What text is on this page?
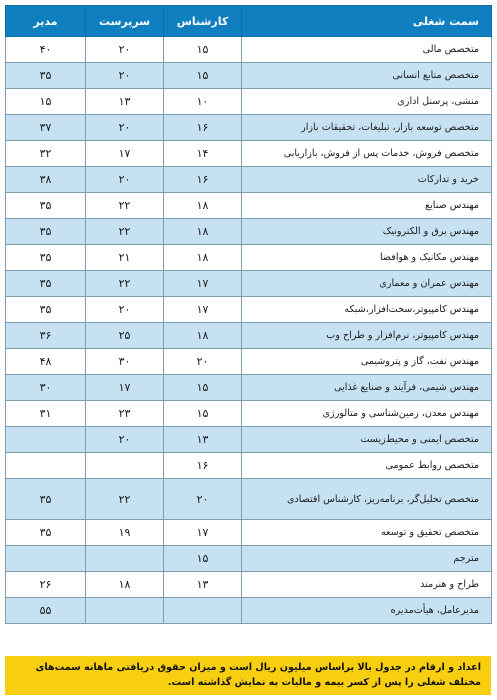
سمت شغلی	کارشناس	سرپرست	مدیر
متخصص مالی	۱۵	۲۰	۴۰
متخصص منابع انسانی	۱۵	۲۰	۳۵
منشی، پرسنل اداری	۱۰	۱۳	۱۵
متخصص توسعه بازار، تبلیغات، تحقیقات بازار	۱۶	۲۰	۳۷
متخصص فروش، خدمات پس از فروش، بازاریابی	۱۴	۱۷	۳۲
خرید و تدارکات	۱۶	۲۰	۳۸
مهندس صنایع	۱۸	۲۲	۳۵
مهندس برق و الکترونیک	۱۸	۲۲	۳۵
مهندس مکانیک و هوافضا	۱۸	۲۱	۳۵
مهندس عمران و معماری	۱۷	۲۲	۳۵
مهندس کامپیوتر،سخت‌افزار،شبکه	۱۷	۲۰	۳۵
مهندس کامپیوتر، نرم‌افزار و طراح وب	۱۸	۲۵	۳۶
مهندس نفت، گاز و پتروشیمی	۲۰	۳۰	۴۸
مهندس شیمی، فرآیند و صنایع غذایی	۱۵	۱۷	۳۰
مهندس معدن، زمین‌شناسی و متالورژی	۱۵	۲۳	۳۱
متخصص ایمنی و محیط‌زیست	۱۳	۲۰	
متخصص روابط عمومی	۱۶		
متخصص تحلیل‌گر، برنامه‌ریز، کارشناس اقتصادی	۲۰	۲۲	۳۵
متخصص تحقیق و توسعه	۱۷	۱۹	۳۵
مترجم	۱۵		
طراح و هنرمند	۱۳	۱۸	۲۶
مدیرعامل، هیأت‌مدیره			۵۵
اعداد و ارقام در جدول بالا براساس میلیون ریال است و میزان حقوق دریافتی ماهانه سمت‌های مختلف شغلی را پس از کسر بیمه و مالیات به نمایش گذاشته است.
